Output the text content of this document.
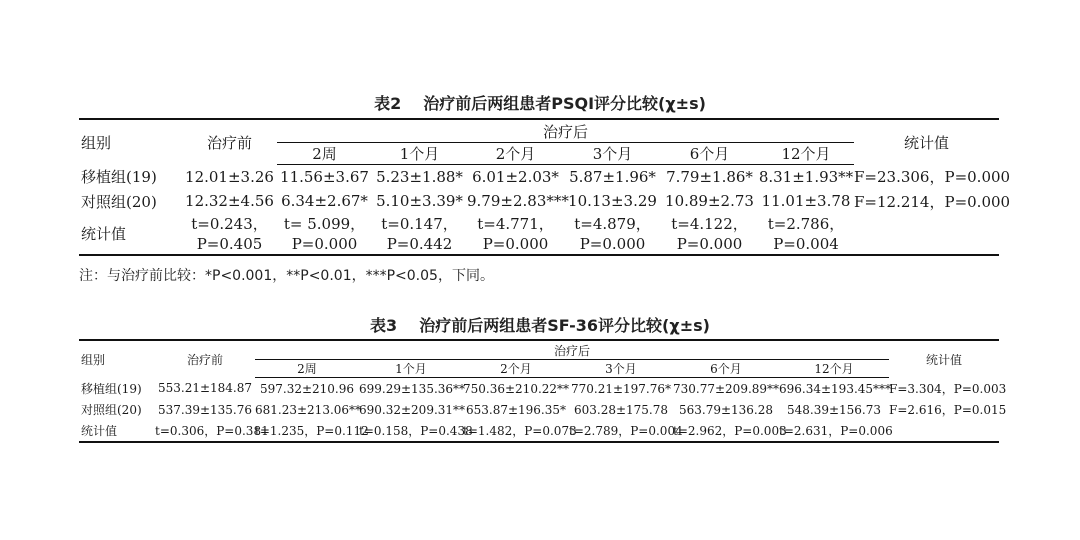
表2 治疗前后两组患者PSQI评分比较(χ±s)
组别	治疗前	治疗后						统计值
		2周	1个月	2个月	3个月	6个月	12个月	
移植组(19)	12.01±3.26	11.56±3.67	5.23±1.88*	6.01±2.03*	5.87±1.96*	7.79±1.86*	8.31±1.93**	F=23.306，P=0.000
对照组(20)	12.32±4.56	6.34±2.67*	5.10±3.39*	9.79±2.83***	10.13±3.29	10.89±2.73	11.01±3.78	F=12.214，P=0.000
统计值	t=0.243，	t= 5.099，	t=0.147，	t=4.771，	t=4.879，	t=4.122，	t=2.786，	
	P=0.405	P=0.000	P=0.442	P=0.000	P=0.000	P=0.000	P=0.004	
注：与治疗前比较：*P<0.001，**P<0.01，***P<0.05，下同。
表3 治疗前后两组患者SF-36评分比较(χ±s)
组别	治疗前	治疗后						统计值
		2周	1个月	2个月	3个月	6个月	12个月	
移植组(19)	553.21±184.87	597.32±210.96	699.29±135.36**	750.36±210.22**	770.21±197.76*	730.77±209.89**	696.34±193.45***	F=3.304，P=0.003
对照组(20)	537.39±135.76	681.23±213.06**	690.32±209.31**	653.87±196.35*	603.28±175.78	563.79±136.28	548.39±156.73	F=2.616，P=0.015
统计值	t=0.306，P=0.381	t=1.235，P=0.112	t=0.158，P=0.438	t=1.482，P=0.073	t=2.789，P=0.004	t=2.962，P=0.003	t=2.631，P=0.006	
